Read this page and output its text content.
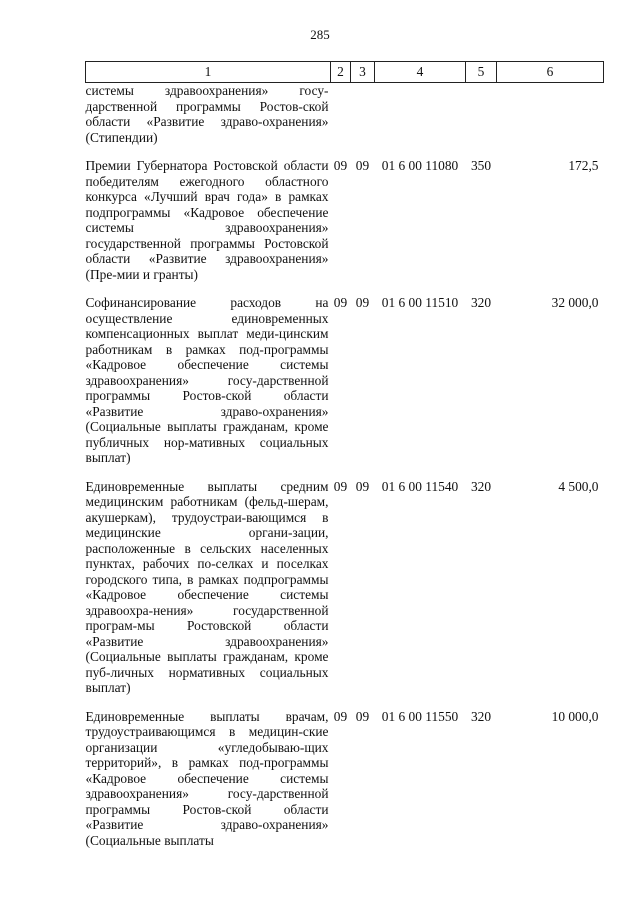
285
1	2	3	4	5	6
системы здравоохранения» госу-дарственной программы Ростов-ской области «Развитие здраво-охранения» (Стипендии)					

Премии Губернатора Ростовской области победителям ежегодного областного конкурса «Лучший врач года» в рамках подпрограммы «Кадровое обеспечение системы здравоохранения» государственной программы Ростовской области «Развитие здравоохранения» (Пре-мии и гранты)	09	09	01 6 00 11080	350	172,5

Софинансирование расходов на осуществление единовременных компенсационных выплат меди-цинским работникам в рамках под-программы «Кадровое обеспечение системы здравоохранения» госу-дарственной программы Ростов-ской области «Развитие здраво-охранения» (Социальные выплаты гражданам, кроме публичных нор-мативных социальных выплат)	09	09	01 6 00 11510	320	32 000,0

Единовременные выплаты средним медицинским работникам (фельд-шерам, акушеркам), трудоустраи-вающимся в медицинские органи-зации, расположенные в сельских населенных пунктах, рабочих по-селках и поселках городского типа, в рамках подпрограммы «Кадровое обеспечение системы здравоохра-нения» государственной програм-мы Ростовской области «Развитие здравоохранения» (Социальные выплаты гражданам, кроме пуб-личных нормативных социальных выплат)	09	09	01 6 00 11540	320	4 500,0

Единовременные выплаты врачам, трудоустраивающимся в медицин-ские организации «угледобываю-щих территорий», в рамках под-программы «Кадровое обеспечение системы здравоохранения» госу-дарственной программы Ростов-ской области «Развитие здраво-охранения» (Социальные выплаты	09	09	01 6 00 11550	320	10 000,0
